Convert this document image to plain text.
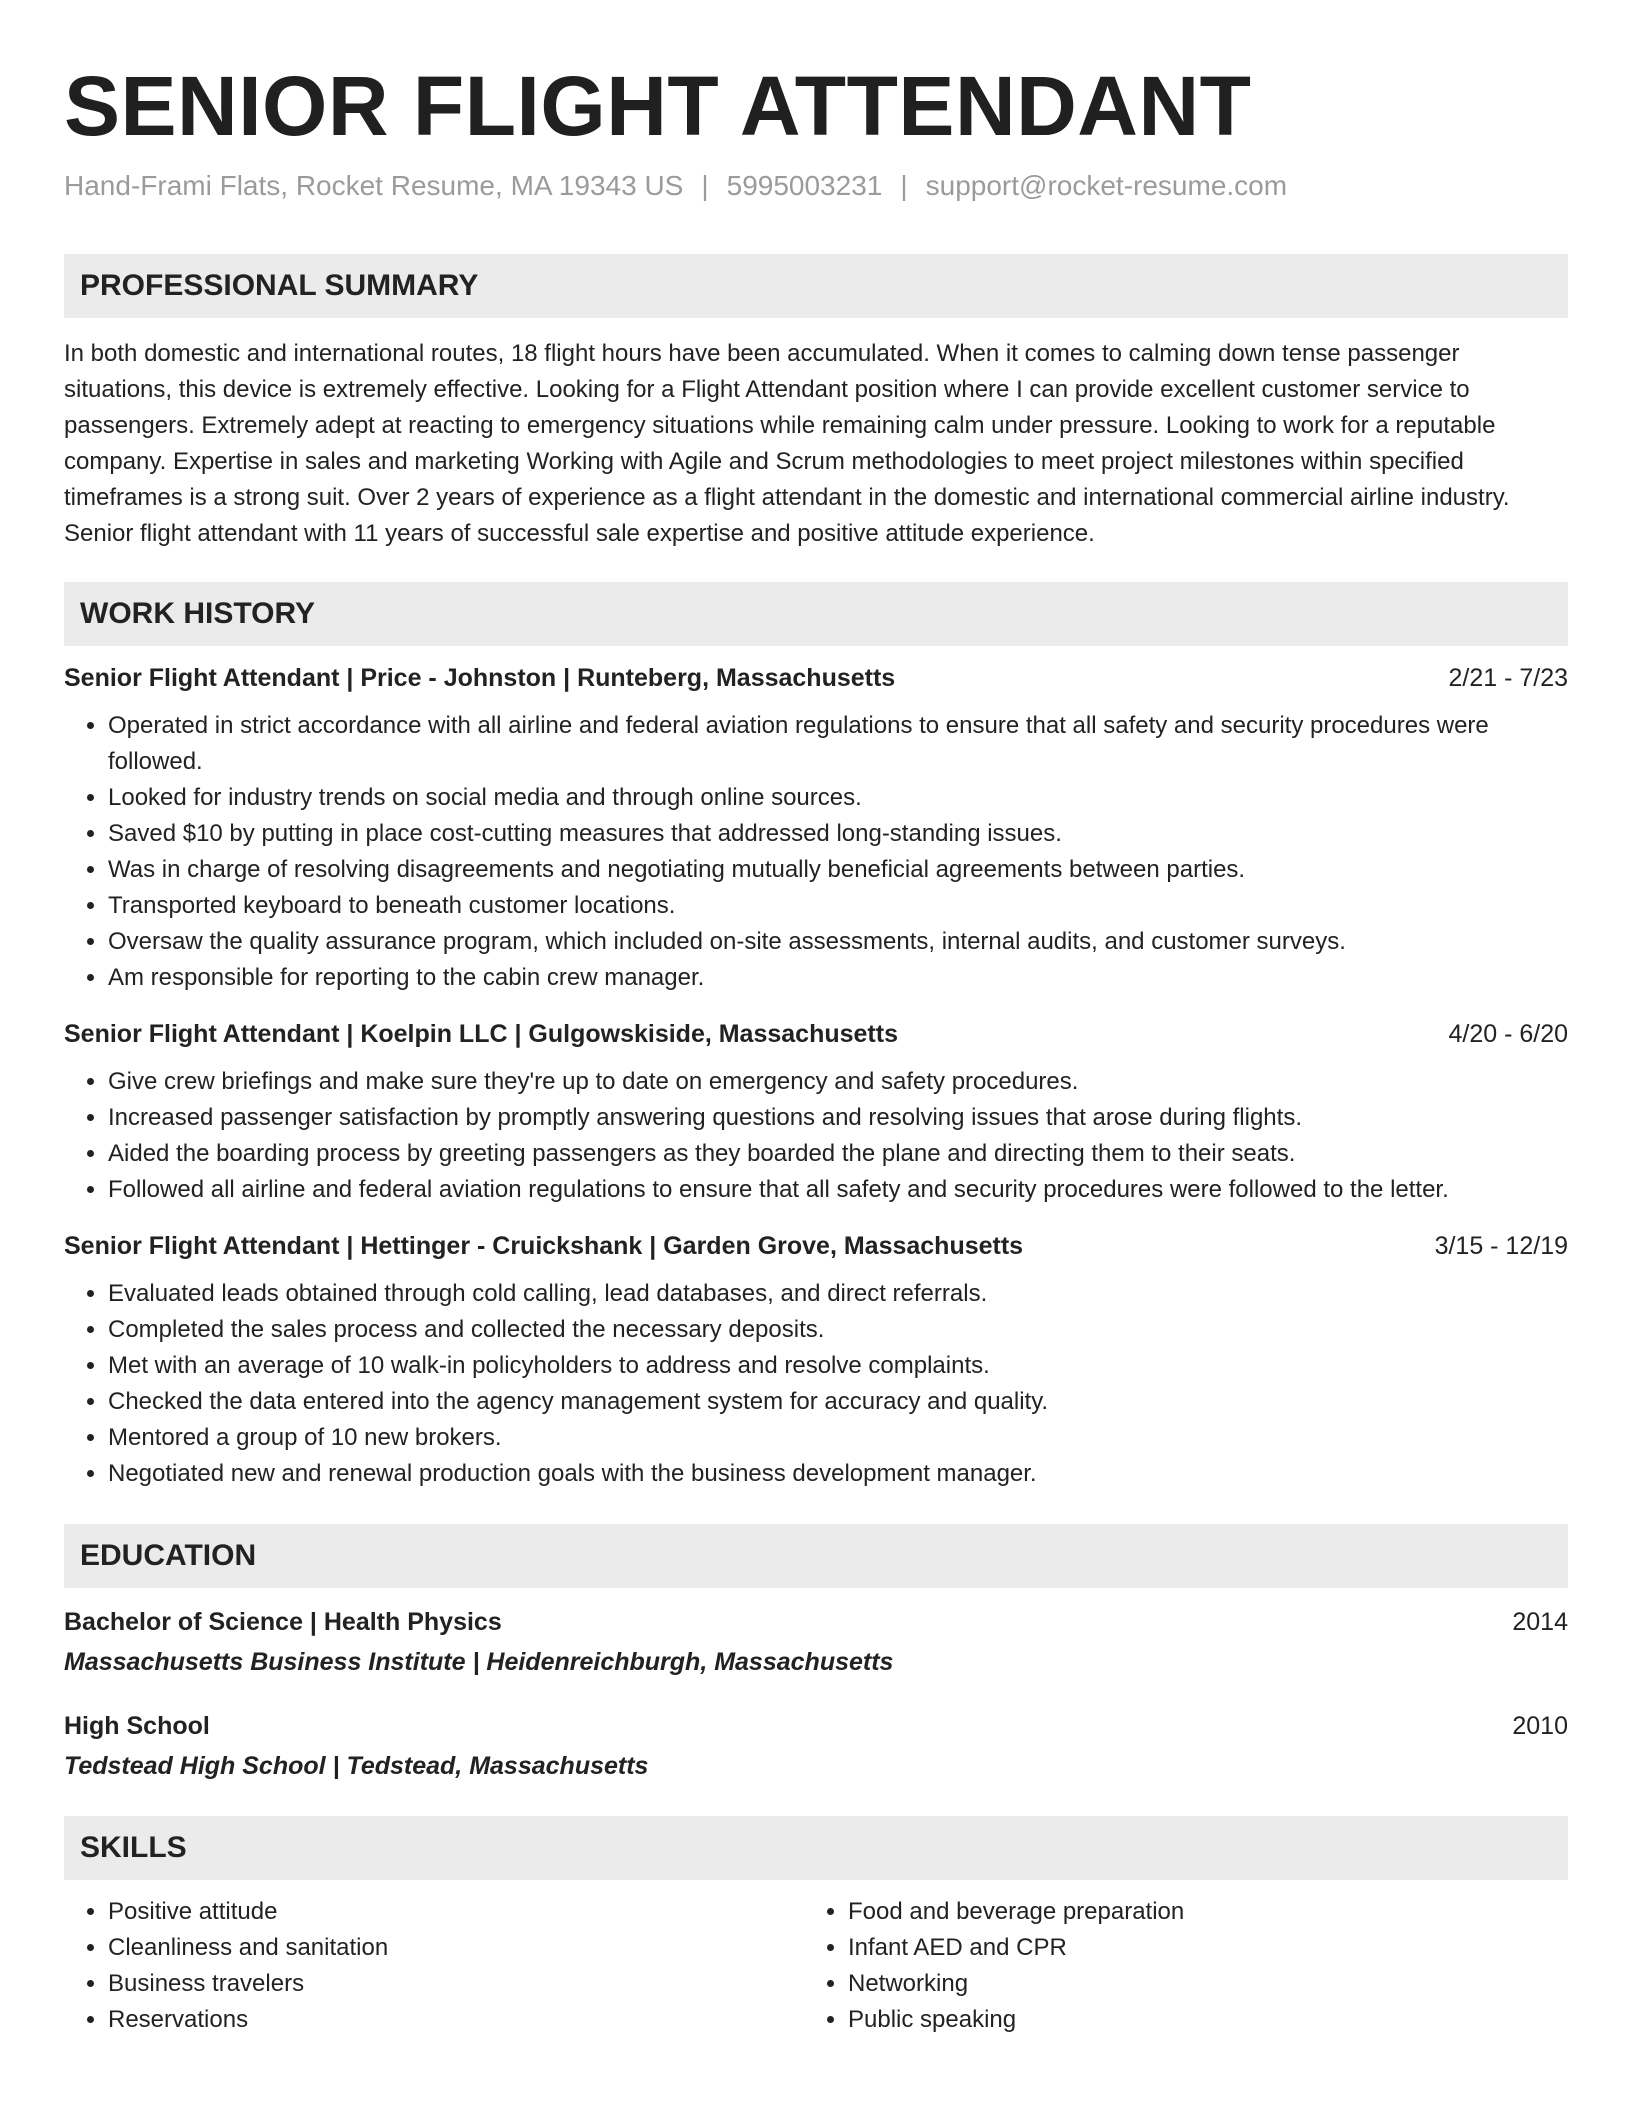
SENIOR FLIGHT ATTENDANT
Hand-Frami Flats, Rocket Resume, MA 19343 US | 5995003231 | support@rocket-resume.com
PROFESSIONAL SUMMARY
In both domestic and international routes, 18 flight hours have been accumulated. When it comes to calming down tense passenger situations, this device is extremely effective. Looking for a Flight Attendant position where I can provide excellent customer service to passengers. Extremely adept at reacting to emergency situations while remaining calm under pressure. Looking to work for a reputable company. Expertise in sales and marketing Working with Agile and Scrum methodologies to meet project milestones within specified timeframes is a strong suit. Over 2 years of experience as a flight attendant in the domestic and international commercial airline industry. Senior flight attendant with 11 years of successful sale expertise and positive attitude experience.
WORK HISTORY
Senior Flight Attendant | Price - Johnston | Runteberg, Massachusetts	2/21 - 7/23
• Operated in strict accordance with all airline and federal aviation regulations to ensure that all safety and security procedures were followed.
• Looked for industry trends on social media and through online sources.
• Saved $10 by putting in place cost-cutting measures that addressed long-standing issues.
• Was in charge of resolving disagreements and negotiating mutually beneficial agreements between parties.
• Transported keyboard to beneath customer locations.
• Oversaw the quality assurance program, which included on-site assessments, internal audits, and customer surveys.
• Am responsible for reporting to the cabin crew manager.
Senior Flight Attendant | Koelpin LLC | Gulgowskiside, Massachusetts	4/20 - 6/20
• Give crew briefings and make sure they're up to date on emergency and safety procedures.
• Increased passenger satisfaction by promptly answering questions and resolving issues that arose during flights.
• Aided the boarding process by greeting passengers as they boarded the plane and directing them to their seats.
• Followed all airline and federal aviation regulations to ensure that all safety and security procedures were followed to the letter.
Senior Flight Attendant | Hettinger - Cruickshank | Garden Grove, Massachusetts	3/15 - 12/19
• Evaluated leads obtained through cold calling, lead databases, and direct referrals.
• Completed the sales process and collected the necessary deposits.
• Met with an average of 10 walk-in policyholders to address and resolve complaints.
• Checked the data entered into the agency management system for accuracy and quality.
• Mentored a group of 10 new brokers.
• Negotiated new and renewal production goals with the business development manager.
EDUCATION
Bachelor of Science | Health Physics	2014
Massachusetts Business Institute | Heidenreichburgh, Massachusetts
High School	2010
Tedstead High School | Tedstead, Massachusetts
SKILLS
• Positive attitude
• Cleanliness and sanitation
• Business travelers
• Reservations
• Food and beverage preparation
• Infant AED and CPR
• Networking
• Public speaking
